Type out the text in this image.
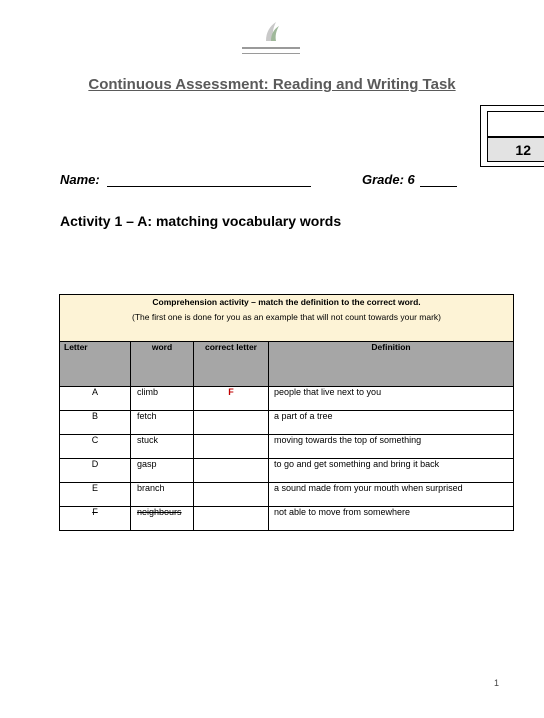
Continuous Assessment: Reading and Writing Task
12
Name:	Grade: 6
Activity 1 – A: matching vocabulary words
Comprehension activity – match the definition to the correct word.
(The first one is done for you as an example that will not count towards your mark)			

Letter	word	correct letter	Definition
A	climb	F	people that live next to you
B	fetch		a part of a tree
C	stuck		moving towards the top of something
D	gasp		to go and get something and bring it back
E	branch		a sound made from your mouth when surprised
F	neighbours		not able to move from somewhere
1
